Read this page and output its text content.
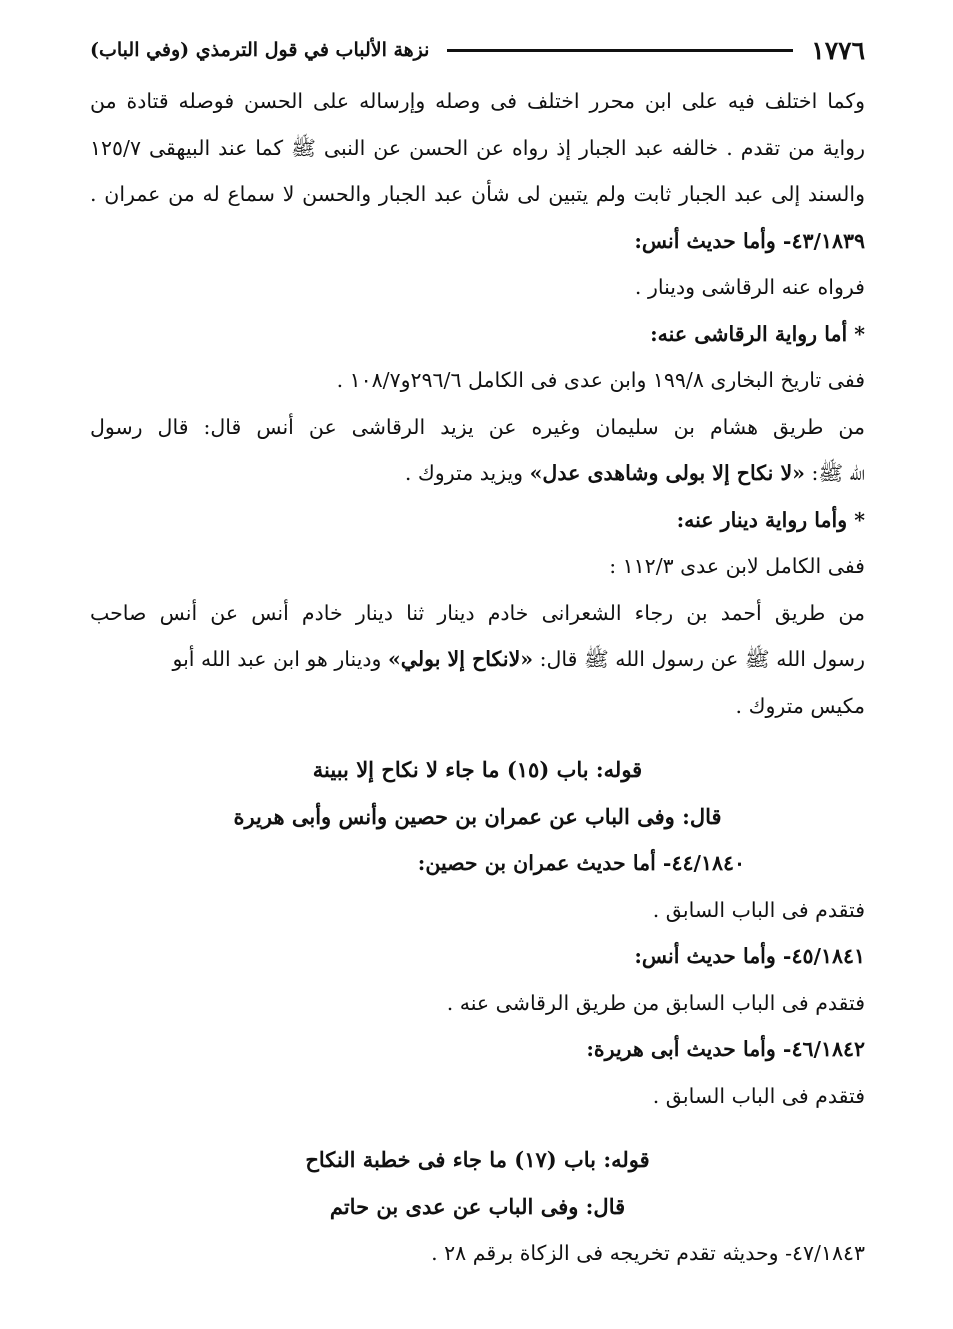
١٧٧٦
نزهة الألباب في قول الترمذي (وفي الباب)
وكما اختلف فيه على ابن محرر اختلف فى وصله وإرساله على الحسن فوصله قتادة من
رواية من تقدم . خالفه عبد الجبار إذ رواه عن الحسن عن النبى ﷺ كما عند البيهقى ١٢٥/٧
والسند إلى عبد الجبار ثابت ولم يتبين لى شأن عبد الجبار والحسن لا سماع له من عمران .
٤٣/١٨٣٩- وأما حديث أنس:
فرواه عنه الرقاشى ودينار .
* أما رواية الرقاشى عنه:
ففى تاريخ البخارى ١٩٩/٨ وابن عدى فى الكامل ٢٩٦/٦و١٠٨/٧ .
من طريق هشام بن سليمان وغيره عن يزيد الرقاشى عن أنس قال: قال رسول
الله ﷺ: «لا نكاح إلا بولى وشاهدى عدل» ويزيد متروك .
* وأما رواية دينار عنه:
ففى الكامل لابن عدى ١١٢/٣ :
من طريق أحمد بن رجاء الشعرانى خادم دينار ثنا دينار خادم أنس عن أنس صاحب
رسول الله ﷺ عن رسول الله ﷺ قال: «لانكاح إلا بولي» ودينار هو ابن عبد الله أبو
مكيس متروك .
قوله: باب (١٥) ما جاء لا نكاح إلا ببينة
قال: وفى الباب عن عمران بن حصين وأنس وأبى هريرة
٤٤/١٨٤٠- أما حديث عمران بن حصين:
فتقدم فى الباب السابق .
٤٥/١٨٤١- وأما حديث أنس:
فتقدم فى الباب السابق من طريق الرقاشى عنه .
٤٦/١٨٤٢- وأما حديث أبى هريرة:
فتقدم فى الباب السابق .
قوله: باب (١٧) ما جاء فى خطبة النكاح
قال: وفى الباب عن عدى بن حاتم
٤٧/١٨٤٣- وحديثه تقدم تخريجه فى الزكاة برقم ٢٨ .
